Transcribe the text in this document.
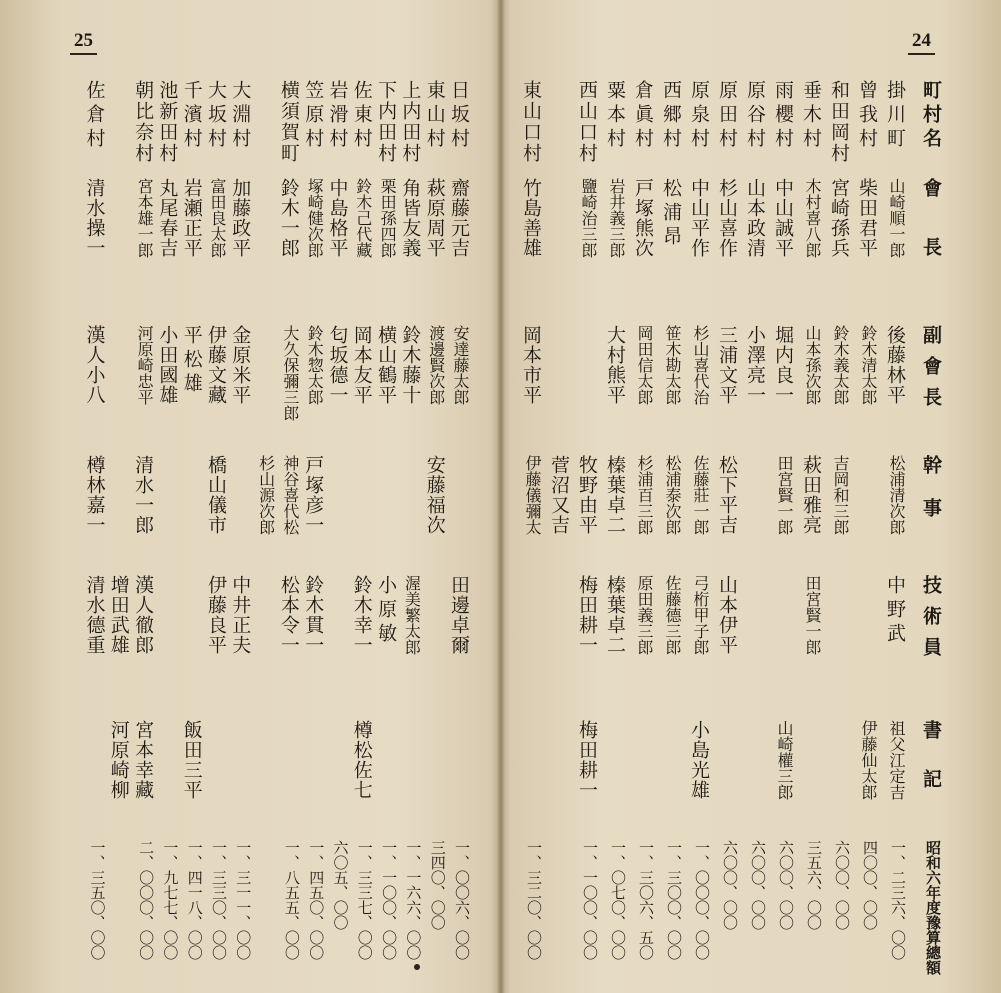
25	24
町村名
會長
副會長
幹事
技術員
書記
昭和六年度豫算總額
掛川町
山崎順一郎
後藤林平
松浦清次郎
中野武
祖父江定吉
一、二三六、〇〇
曾我村
柴田君平
鈴木清太郎
伊藤仙太郎
四〇〇、〇〇
和田岡村
宮崎孫兵
鈴木義太郎
吉岡和三郎
六〇〇、〇〇
垂木村
木村喜八郎
山本孫次郎
萩田雅亮
田宮賢一郎
三五六、〇〇
雨櫻村
中山誠平
堀内良一
田宮賢一郎
山崎權三郎
六〇〇、〇〇
原谷村
山本政清
小澤亮一
六〇〇、〇〇
原田村
杉山喜作
三浦文平
松下平吉
山本伊平
六〇〇、〇〇
原泉村
中山平作
杉山喜代治
佐藤莊一郎
弓桁甲子郎
小島光雄
一、〇〇〇、〇〇
西郷村
松浦昂
笹木勘太郎
松浦泰次郎
佐藤德三郎
一、三〇〇、〇〇
倉眞村
戸塚熊次
岡田信太郎
杉浦百三郎
原田義三郎
一、三〇六、五〇
粟本村
岩井義三郎
大村熊平
榛葉卓二
榛葉卓二
一、〇七〇、〇〇
西山口村
鹽崎治三郎
牧野由平
梅田耕一
梅田耕一
一、一〇〇、〇〇
菅沼又吉
東山口村
竹島善雄
岡本市平
伊藤儀彌太
一、三二〇、〇〇
日坂村
齋藤元吉
安達藤太郎
田邊卓爾
一、〇〇六、〇〇
東山村
萩原周平
渡邊賢次郎
安藤福次
三四〇、〇〇
上内田村
角皆友義
鈴木藤十
渥美繁太郎
一、一六六、〇〇
下内田村
栗田孫四郎
横山鶴平
小原敏
一、一〇〇、〇〇
佐東村
鈴木己代藏
岡本友平
鈴木幸一
樽松佐七
一、三三七、〇〇
岩滑村
中島格平
匂坂德一
六〇五、〇〇
笠原村
塚崎健次郎
鈴木惣太郎
戸塚彦一
鈴木貫一
一、四五〇、〇〇
横須賀町
鈴木一郎
大久保彌三郎
神谷喜代松
松本令一
一、八五五、〇〇
杉山源次郎
大淵村
加藤政平
金原米平
中井正夫
一、三一一、〇〇
大坂村
富田良太郎
伊藤文藏
橋山儀市
伊藤良平
一、三三〇、〇〇
千濱村
岩瀬正平
平松雄
飯田三平
一、四一八、〇〇
池新田村
丸尾春吉
小田國雄
一、九七七、〇〇
朝比奈村
宮本雄一郎
河原崎忠平
清水一郎
漢人徹郎
宮本幸藏
二、〇〇〇、〇〇
增田武雄
河原崎柳
佐倉村
清水操一
漢人小八
樽林嘉一
清水德重
一、三五〇、〇〇
